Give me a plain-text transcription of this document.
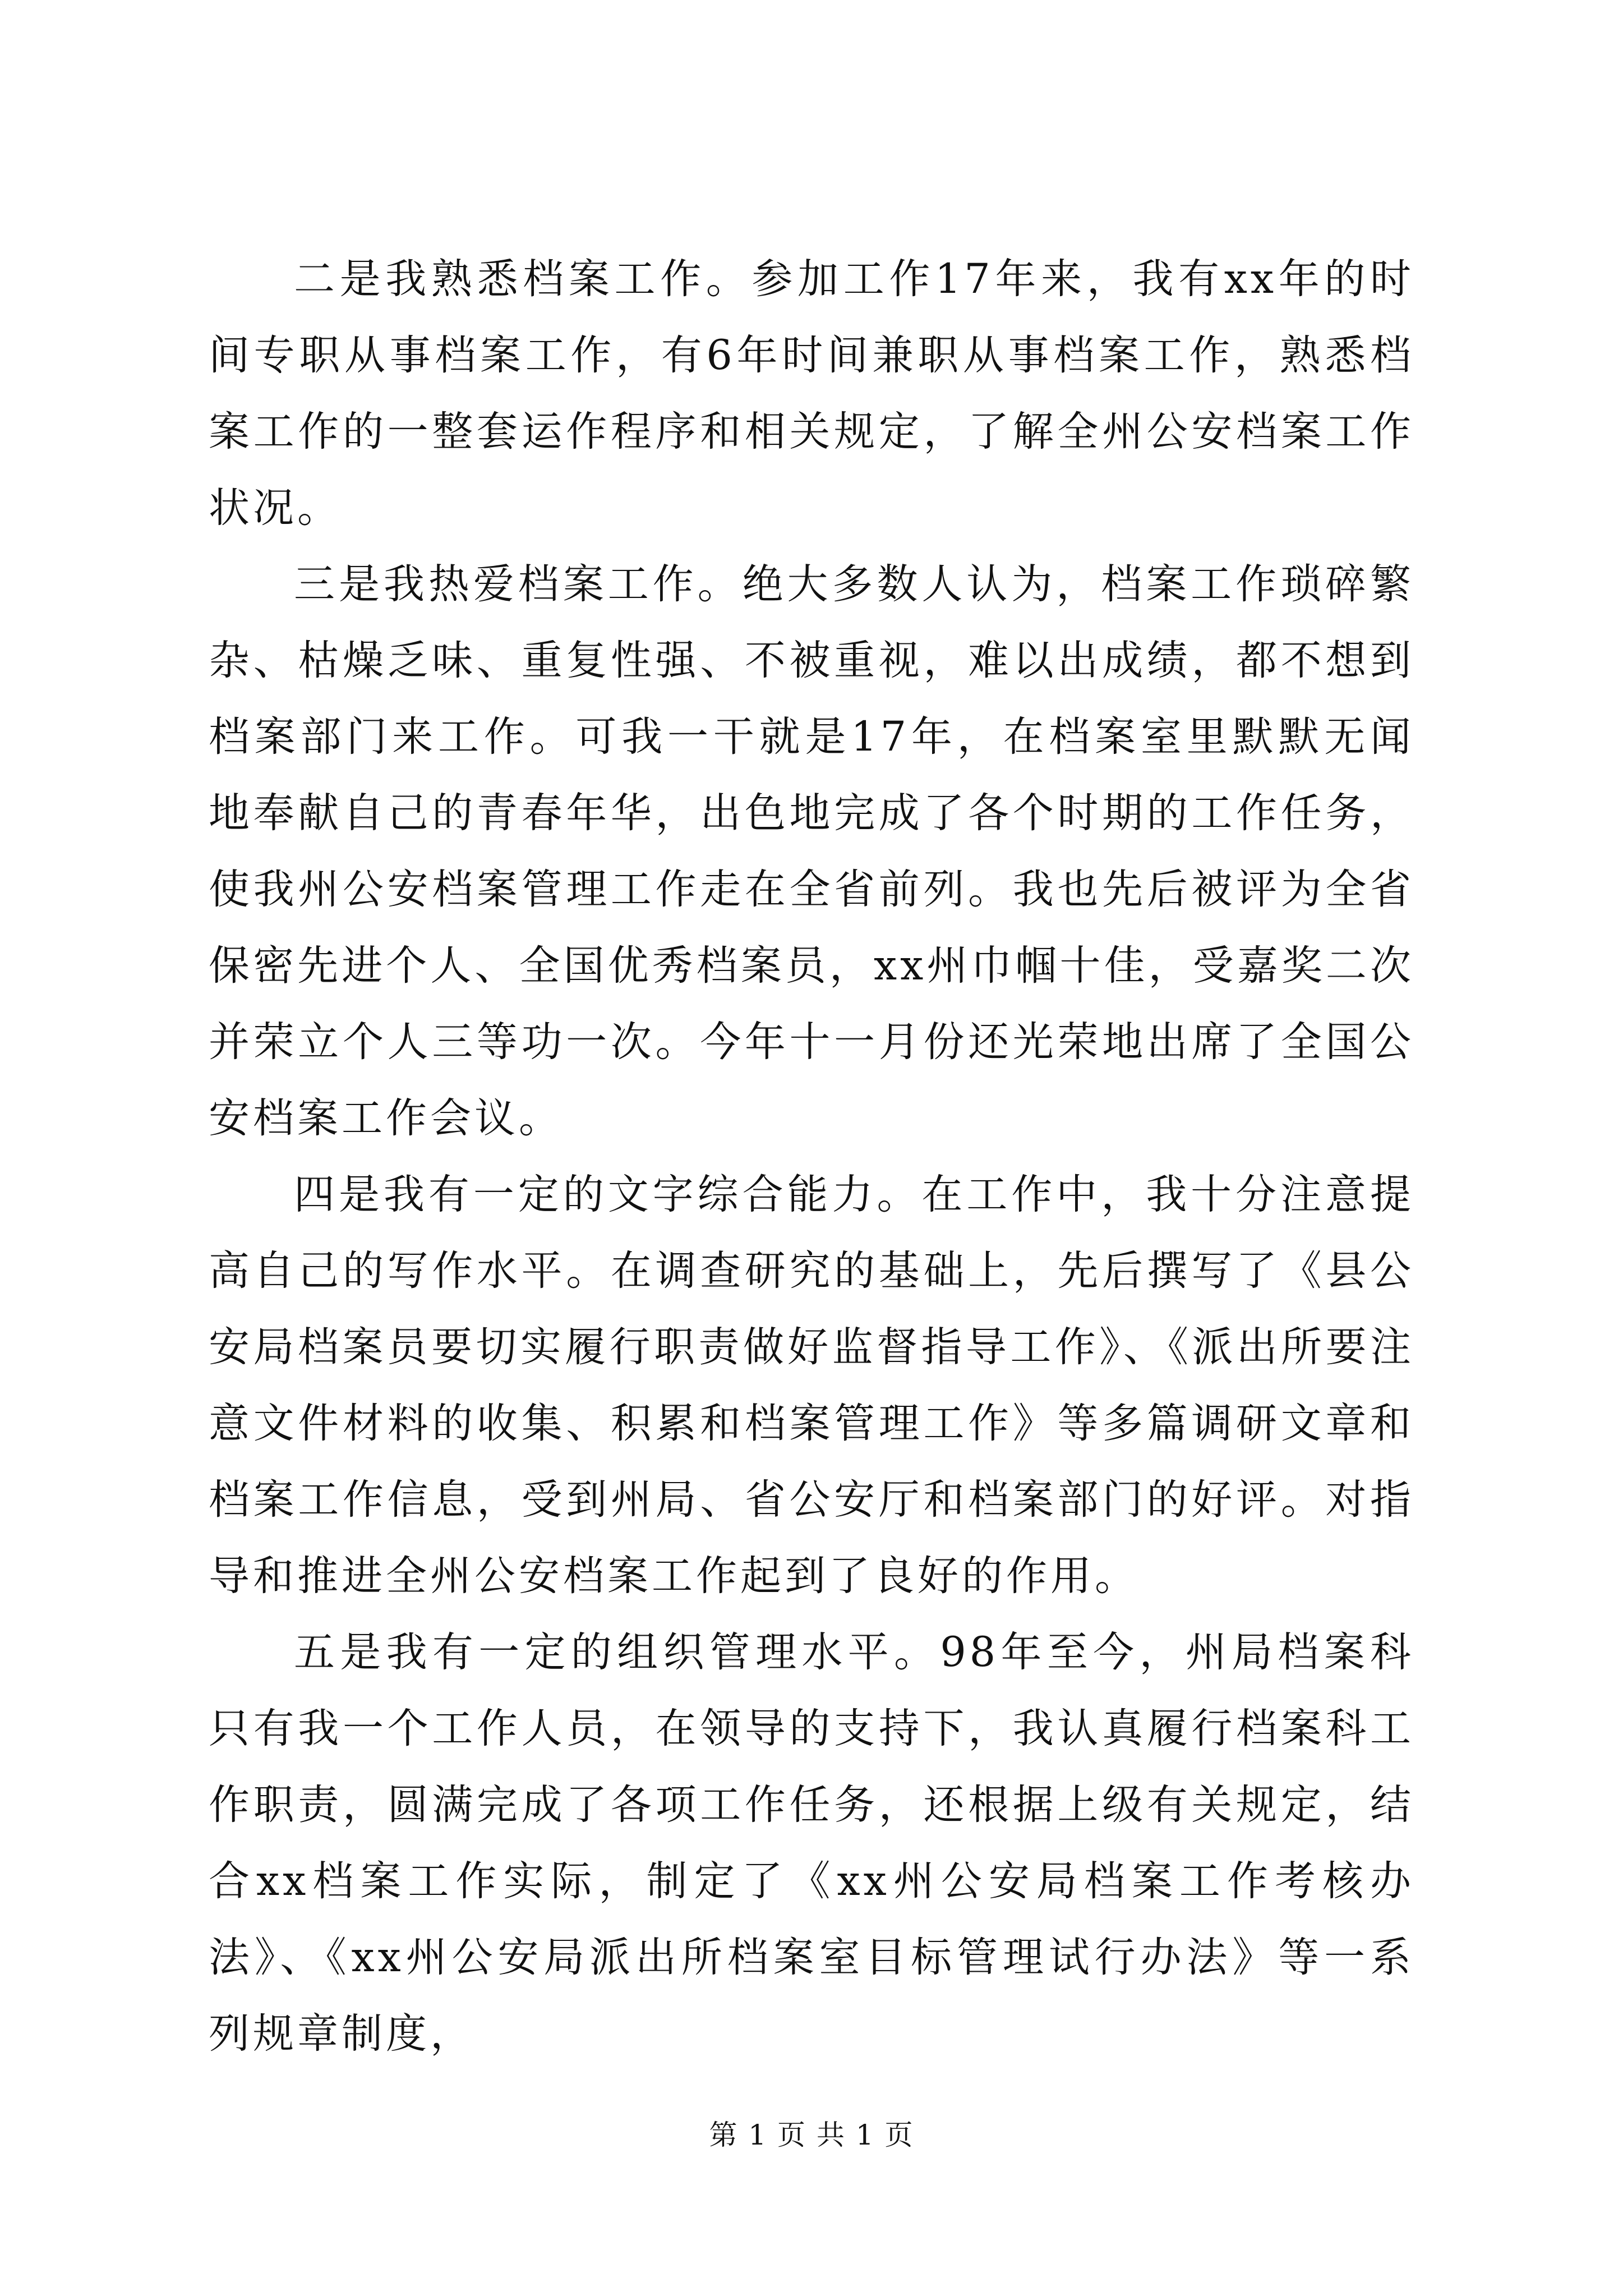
二是我熟悉档案工作。参加工作17年来，我有xx年的时间专职从事档案工作，有6年时间兼职从事档案工作，熟悉档案工作的一整套运作程序和相关规定，了解全州公安档案工作状况。

三是我热爱档案工作。绝大多数人认为，档案工作琐碎繁杂、枯燥乏味、重复性强、不被重视，难以出成绩，都不想到档案部门来工作。可我一干就是17年，在档案室里默默无闻地奉献自己的青春年华，出色地完成了各个时期的工作任务，使我州公安档案管理工作走在全省前列。我也先后被评为全省保密先进个人、全国优秀档案员，xx州巾帼十佳，受嘉奖二次并荣立个人三等功一次。今年十一月份还光荣地出席了全国公安档案工作会议。

四是我有一定的文字综合能力。在工作中，我十分注意提高自己的写作水平。在调查研究的基础上，先后撰写了《县公安局档案员要切实履行职责做好监督指导工作》、《派出所要注意文件材料的收集、积累和档案管理工作》等多篇调研文章和档案工作信息，受到州局、省公安厅和档案部门的好评。对指导和推进全州公安档案工作起到了良好的作用。

五是我有一定的组织管理水平。98年至今，州局档案科只有我一个工作人员，在领导的支持下，我认真履行档案科工作职责，圆满完成了各项工作任务，还根据上级有关规定，结合xx档案工作实际，制定了《xx州公安局档案工作考核办法》、《xx州公安局派出所档案室目标管理试行办法》等一系列规章制度，

第 1 页 共 1 页
